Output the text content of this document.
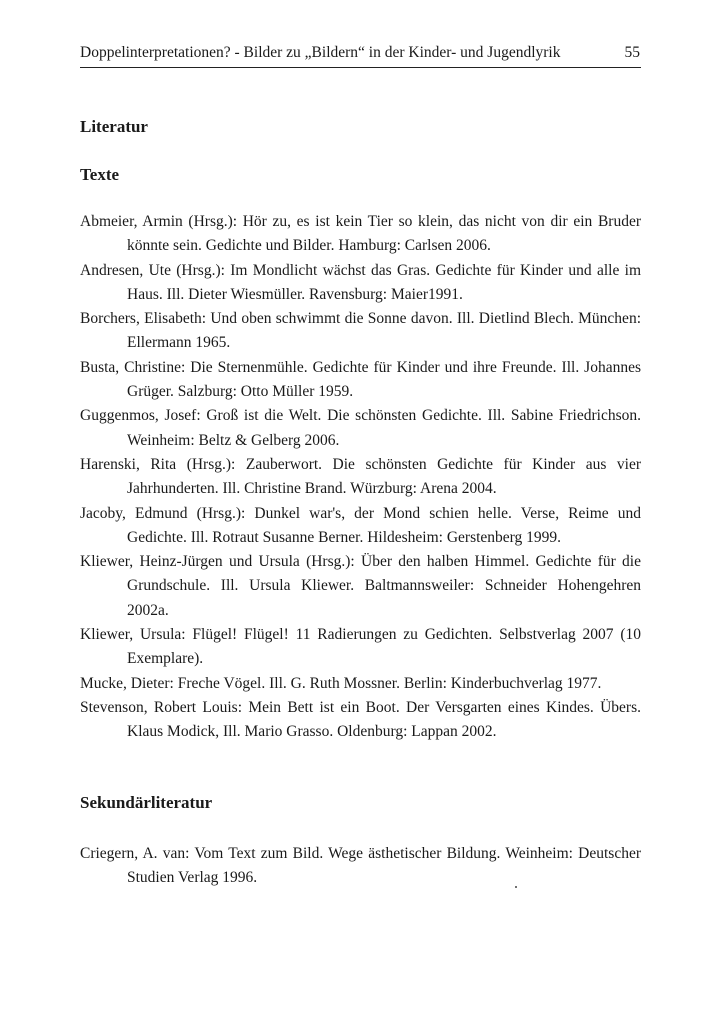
Doppelinterpretationen? - Bilder zu „Bildern“ in der Kinder- und Jugendlyrik	55
Literatur
Texte
Abmeier, Armin (Hrsg.): Hör zu, es ist kein Tier so klein, das nicht von dir ein Bruder könnte sein. Gedichte und Bilder. Hamburg: Carlsen 2006.
Andresen, Ute (Hrsg.): Im Mondlicht wächst das Gras. Gedichte für Kinder und alle im Haus. Ill. Dieter Wiesmüller. Ravensburg: Maier1991.
Borchers, Elisabeth: Und oben schwimmt die Sonne davon. Ill. Dietlind Blech. München: Ellermann 1965.
Busta, Christine: Die Sternenmühle. Gedichte für Kinder und ihre Freunde. Ill. Johannes Grüger. Salzburg: Otto Müller 1959.
Guggenmos, Josef: Groß ist die Welt. Die schönsten Gedichte. Ill. Sabine Friedrichson. Weinheim: Beltz & Gelberg 2006.
Harenski, Rita (Hrsg.): Zauberwort. Die schönsten Gedichte für Kinder aus vier Jahrhunderten. Ill. Christine Brand. Würzburg: Arena 2004.
Jacoby, Edmund (Hrsg.): Dunkel war's, der Mond schien helle. Verse, Reime und Gedichte. Ill. Rotraut Susanne Berner. Hildesheim: Gerstenberg 1999.
Kliewer, Heinz-Jürgen und Ursula (Hrsg.): Über den halben Himmel. Gedichte für die Grundschule. Ill. Ursula Kliewer. Baltmannsweiler: Schneider Hohengehren 2002a.
Kliewer, Ursula: Flügel! Flügel! 11 Radierungen zu Gedichten. Selbstverlag 2007 (10 Exemplare).
Mucke, Dieter: Freche Vögel. Ill. G. Ruth Mossner. Berlin: Kinderbuchverlag 1977.
Stevenson, Robert Louis: Mein Bett ist ein Boot. Der Versgarten eines Kindes. Übers. Klaus Modick, Ill. Mario Grasso. Oldenburg: Lappan 2002.
Sekundärliteratur
Criegern, A. van: Vom Text zum Bild. Wege ästhetischer Bildung. Weinheim: Deutscher Studien Verlag 1996.
